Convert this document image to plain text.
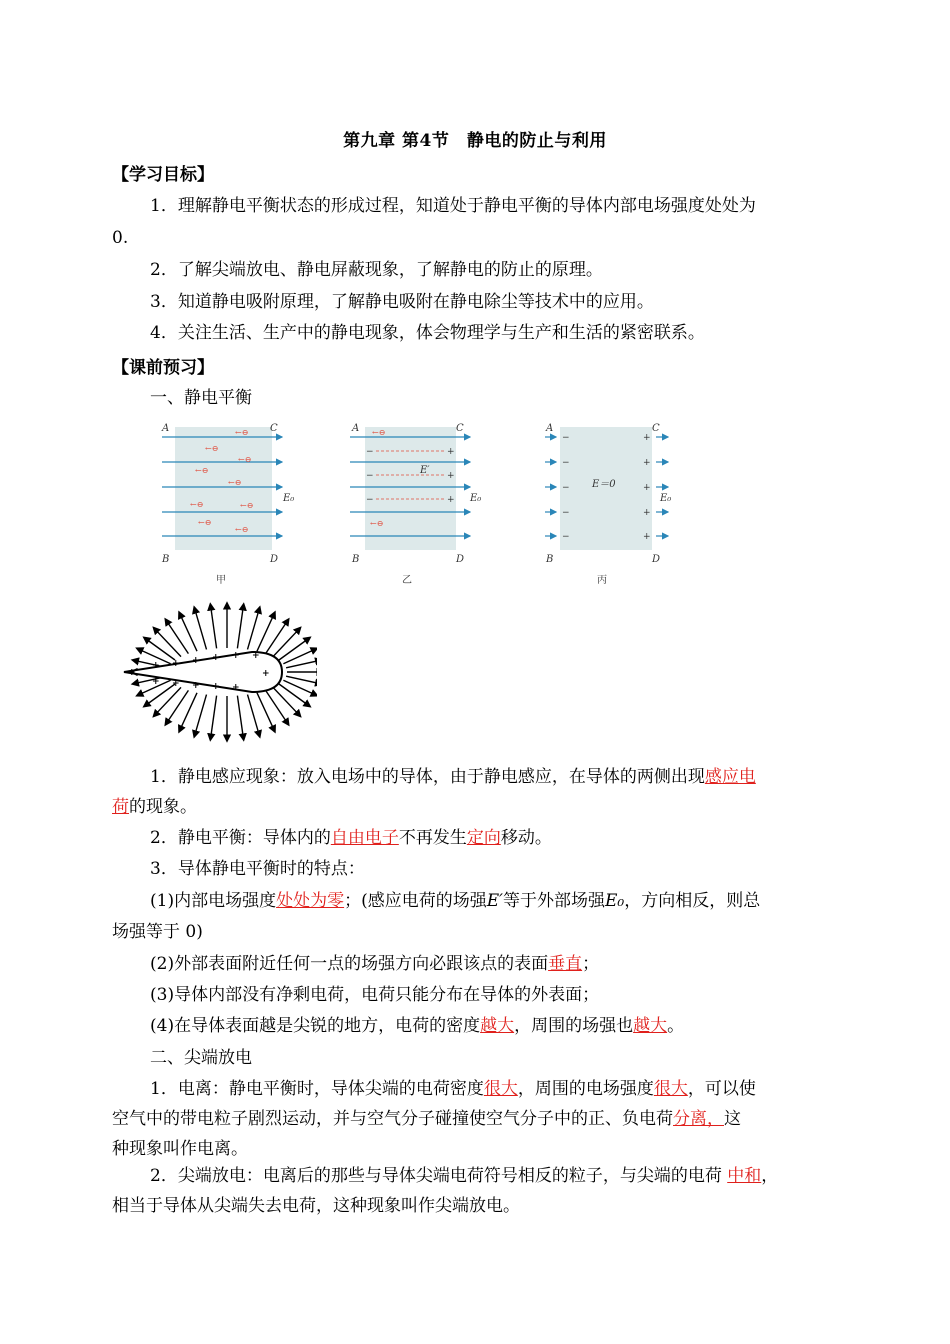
第九章 第4节　静电的防止与利用
【学习目标】
1．理解静电平衡状态的形成过程，知道处于静电平衡的导体内部电场强度处处为
0.
2．了解尖端放电、静电屏蔽现象，了解静电的防止的原理。
3．知道静电吸附原理，了解静电吸附在静电除尘等技术中的应用。
4．关注生活、生产中的静电现象，体会物理学与生产和生活的紧密联系。
【课前预习】
一、静电平衡
←⊖
←⊖
←⊖
←⊖
←⊖
←⊖
←⊖
←⊖
←⊖
A	C
B	D
E₀
甲
←⊖
←⊖
−
−
−
+
+
+
E′
A	C
B	D
E₀
乙
−
−
−
−
−
+
+
+
+
+
E＝0
A	C
B	D
E₀
丙
+ + + + + +
+ + + + +
+
+
1．静电感应现象：放入电场中的导体，由于静电感应，在导体的两侧出现感应电
荷的现象。
2．静电平衡：导体内的自由电子不再发生定向移动。
3．导体静电平衡时的特点：
(1)内部电场强度处处为零；(感应电荷的场强E′等于外部场强E₀，方向相反，则总
场强等于 0)
(2)外部表面附近任何一点的场强方向必跟该点的表面垂直；
(3)导体内部没有净剩电荷，电荷只能分布在导体的外表面；
(4)在导体表面越是尖锐的地方，电荷的密度越大，周围的场强也越大。
二、尖端放电
1．电离：静电平衡时，导体尖端的电荷密度很大，周围的电场强度很大，可以使
空气中的带电粒子剧烈运动，并与空气分子碰撞使空气分子中的正、负电荷分离，这
种现象叫作电离。
2．尖端放电：电离后的那些与导体尖端电荷符号相反的粒子，与尖端的电荷 中和，
相当于导体从尖端失去电荷，这种现象叫作尖端放电。
